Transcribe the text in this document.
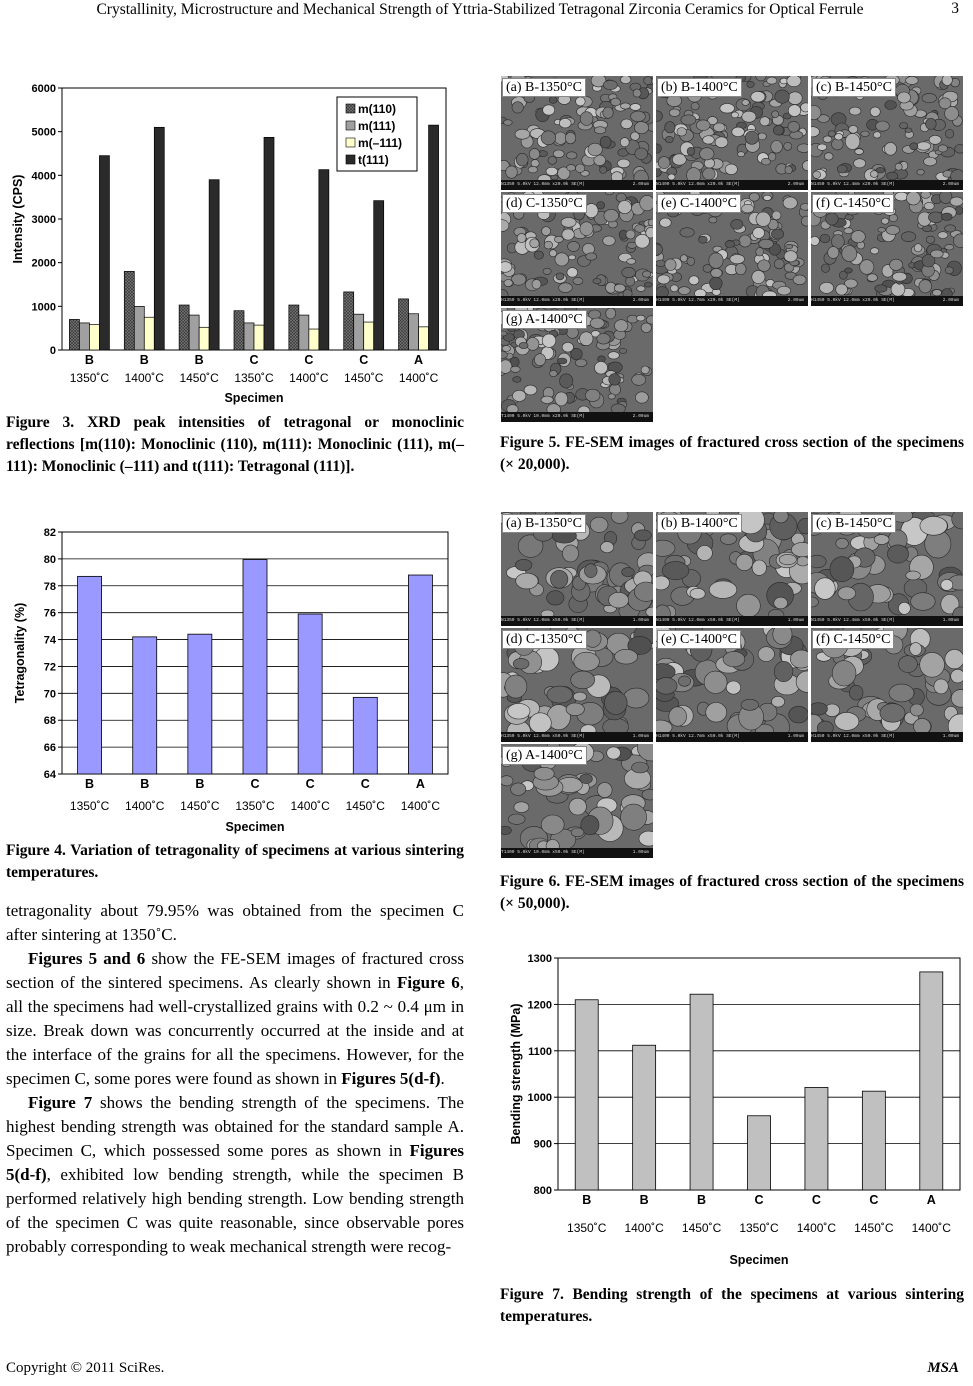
Crystallinity, Microstructure and Mechanical Strength of Yttria-Stabilized Tetragonal Zirconia Ceramics for Optical Ferrule	3
0
1000
2000
3000
4000
5000
6000
B
1350˚C
B
1400˚C
B
1450˚C
C
1350˚C
C
1400˚C
C
1450˚C
A
1400˚C
Intensity (CPS)
Specimen
m(110)
m(111)
m(–111)
t(111)
Figure 3. XRD peak intensities of tetragonal or monoclinic reflections [m(110): Monoclinic (110), m(111): Monoclinic (111), m(–111): Monoclinic (–111) and t(111): Tetragonal (111)].
64
66
68
70
72
74
76
78
80
82
B
1350˚C
B
1400˚C
B
1450˚C
C
1350˚C
C
1400˚C
C
1450˚C
A
1400˚C
Tetragonality (%)
Specimen
Figure 4. Variation of tetragonality of specimens at various sintering temperatures.

tetragonality about 79.95% was obtained from the specimen C after sintering at 1350˚C.

Figures 5 and 6 show the FE-SEM images of fractured cross section of the sintered specimens. As clearly shown in Figure 6, all the specimens had well-crystallized grains with 0.2 ~ 0.4 μm in size. Break down was concurrently occurred at the inside and at the interface of the grains for all the specimens. However, for the specimen C, some pores were found as shown in Figures 5(d-f).

Figure 7 shows the bending strength of the specimens. The highest bending strength was obtained for the standard sample A. Specimen C, which possessed some pores as shown in Figures 5(d-f), exhibited low bending strength, while the specimen B performed relatively high bending strength. Low bending strength of the specimen C was quite reasonable, since observable pores probably corresponding to weak mechanical strength were recog-

N1350 5.0kV 12.0mm x20.0k SE(M)	2.00um
(a) B-1350°C
N1400 5.0kV 12.0mm x20.0k SE(M)	2.00um
(b) B-1400°C
N1450 5.0kV 12.4mm x20.0k SE(M)	2.00um
(c) B-1450°C
H1350 5.0kV 12.0mm x20.0k SE(M)	2.00um
(d) C-1350°C
H1400 5.0kV 12.7mm x20.0k SE(M)	2.00um
(e) C-1400°C
H1450 5.0kV 12.0mm x20.0k SE(M)	2.00um
(f) C-1450°C
T1400 5.0kV 10.0mm x20.0k SE(M)	2.00um
(g) A-1400°C
Figure 5. FE-SEM images of fractured cross section of the specimens (× 20,000).
N1350 5.0kV 12.0mm x50.0k SE(M)	1.00um
(a) B-1350°C
N1400 5.0kV 12.0mm x50.0k SE(M)	1.00um
(b) B-1400°C
N1450 5.0kV 12.4mm x50.0k SE(M)	1.00um
(c) B-1450°C
H1350 5.0kV 12.0mm x50.0k SE(M)	1.00um
(d) C-1350°C
H1400 5.0kV 12.7mm x50.0k SE(M)	1.00um
(e) C-1400°C
H1450 5.0kV 12.0mm x50.0k SE(M)	1.00um
(f) C-1450°C
T1400 5.0kV 10.0mm x50.0k SE(M)	1.00um
(g) A-1400°C
Figure 6. FE-SEM images of fractured cross section of the specimens (× 50,000).
800
900
1000
1100
1200
1300
B
1350˚C
B
1400˚C
B
1450˚C
C
1350˚C
C
1400˚C
C
1450˚C
A
1400˚C
Bending strength (MPa)
Specimen
Figure 7. Bending strength of the specimens at various sintering temperatures.
Copyright © 2011 SciRes.	MSA
